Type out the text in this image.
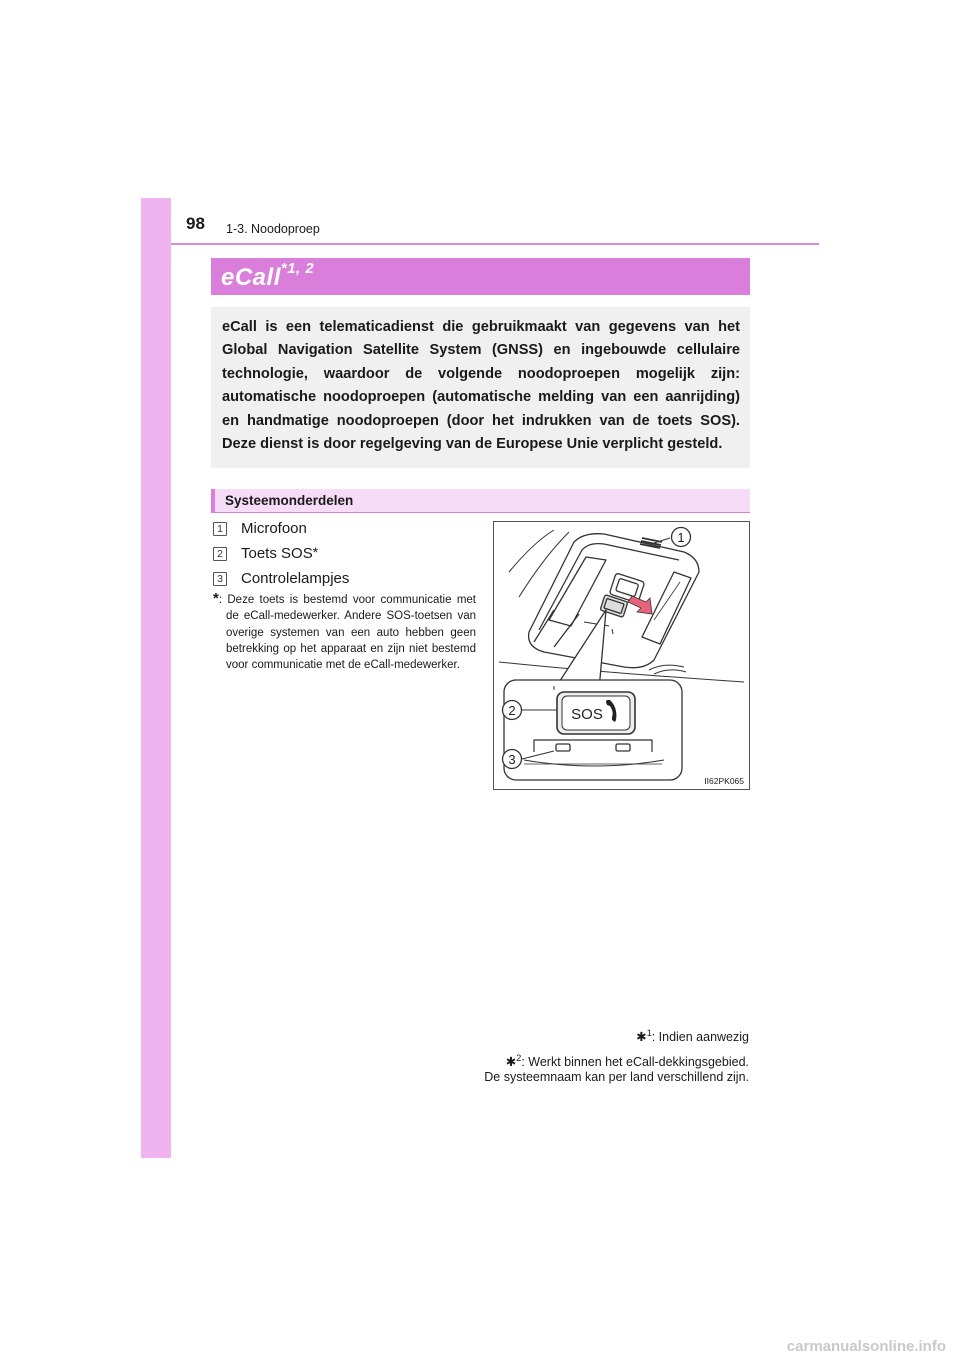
98 1-3. Noodoproep
eCall$^{*1, 2}$

eCall is een telematicadienst die gebruikmaakt van gegevens van het Global Navigation Satellite System (GNSS) en ingebouwde cellulaire technologie, waardoor de volgende noodoproepen mogelijk zijn: automatische noodoproepen (automatische melding van een aanrijding) en handmatige noodoproepen (door het indrukken van de toets SOS). Deze dienst is door regelgeving van de Europese Unie verplicht gesteld.

Systeemonderdelen
1 Microfoon
2 Toets SOS*
3 Controlelampjes
*: Deze toets is bestemd voor communicatie met de eCall-medewerker. Andere SOS-toetsen van overige systemen van een auto hebben geen betrekking op het apparaat en zijn niet bestemd voor communicatie met de eCall-medewerker.
1
2
3
SOS
II62PK065
✱$^1$: Indien aanwezig
✱$^2$: Werkt binnen het eCall-dekkingsgebied.
De systeemnaam kan per land verschillend zijn.
carmanualsonline.info
